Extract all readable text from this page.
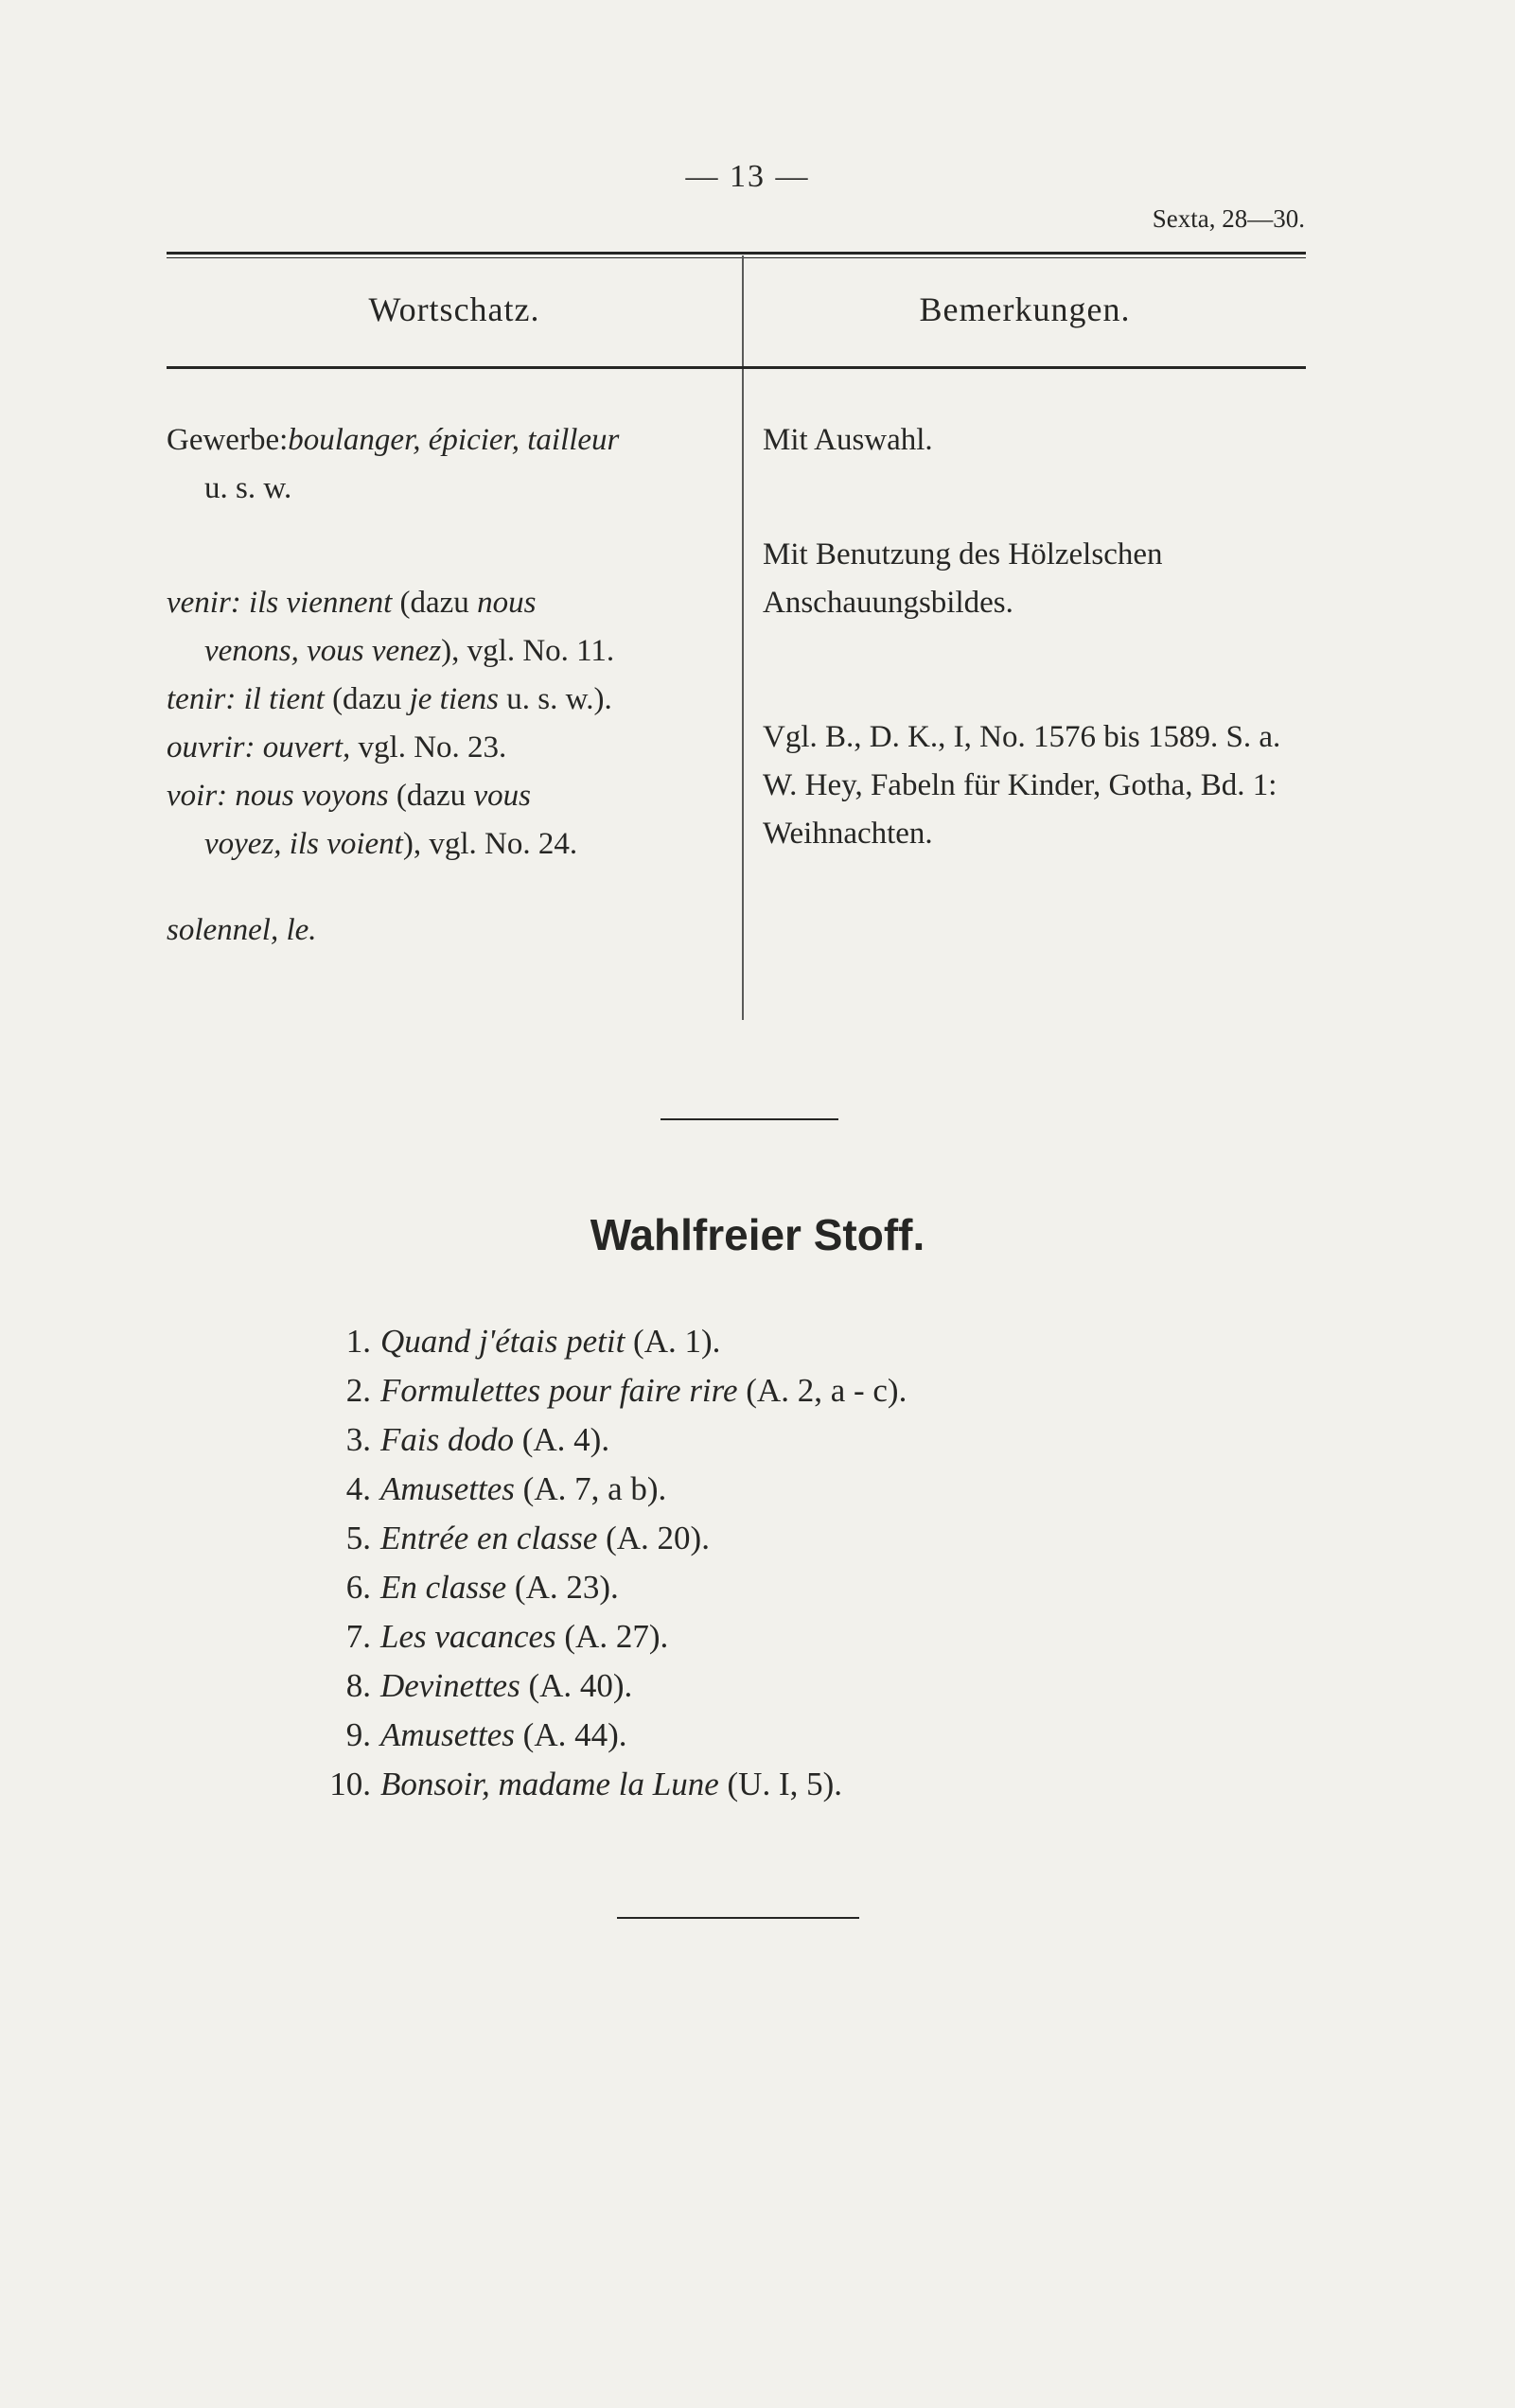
— 13 —
Sexta, 28—30.
Wortschatz.	Bemerkungen.

Gewerbe:boulanger, épicier, tailleur

u. s. w.

venir: ils viennent (dazu nous

venons, vous venez), vgl. No. 11.

tenir: il tient (dazu je tiens u. s. w.).

ouvrir: ouvert, vgl. No. 23.

voir: nous voyons (dazu vous

voyez, ils voient), vgl. No. 24.

solennel, le.

Mit Auswahl.

Mit Benutzung des Hölzelschen Anschauungsbildes.

Vgl. B., D. K., I, No. 1576 bis 1589. S. a. W. Hey, Fabeln für Kinder, Gotha, Bd. 1: Weihnachten.

Wahlfreier Stoff.
1. Quand j'étais petit (A. 1).
2. Formulettes pour faire rire (A. 2, a - c).
3. Fais dodo (A. 4).
4. Amusettes (A. 7, a b).
5. Entrée en classe (A. 20).
6. En classe (A. 23).
7. Les vacances (A. 27).
8. Devinettes (A. 40).
9. Amusettes (A. 44).
10. Bonsoir, madame la Lune (U. I, 5).
